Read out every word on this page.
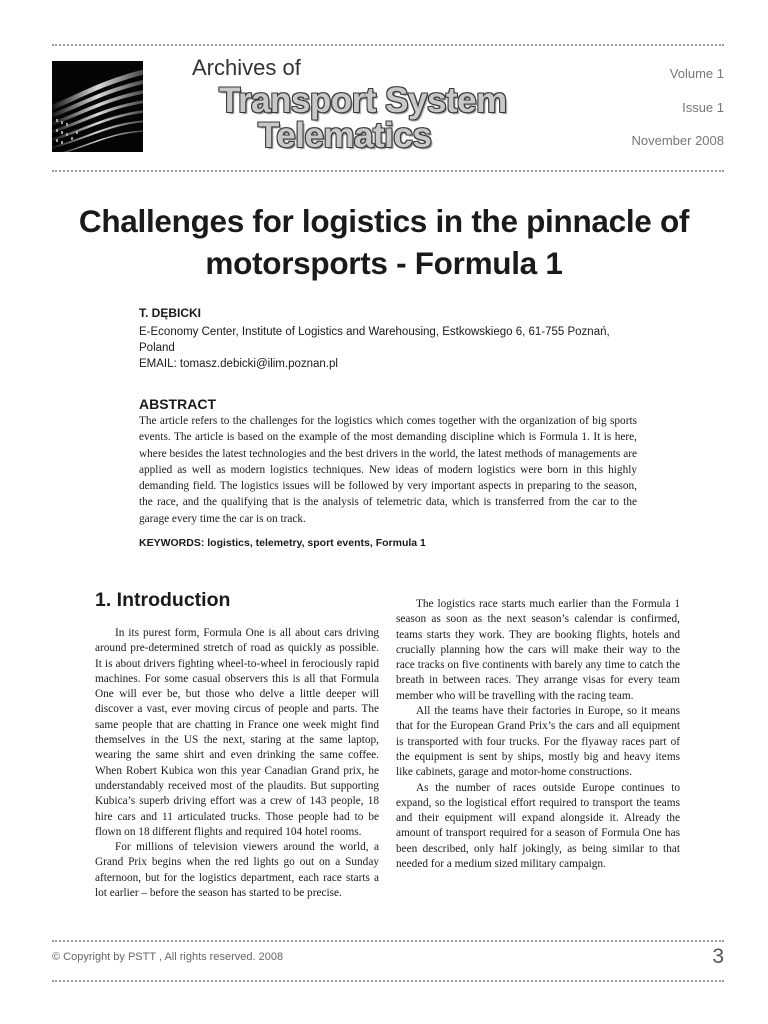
Archives of
Transport System
Telematics
Volume 1
Issue 1
November 2008
Challenges for logistics in the pinnacle of motorsports - Formula 1
T. DĘBICKI
E-Economy Center, Institute of Logistics and Warehousing, Estkowskiego 6, 61-755 Poznań,
Poland
EMAIL: tomasz.debicki@ilim.poznan.pl
ABSTRACT
The article refers to the challenges for the logistics which comes together with the organization of big sports events. The article is based on the example of the most demanding discipline which is Formula 1. It is here, where besides the latest technologies and the best drivers in the world, the latest methods of managements are applied as well as modern logistics techniques. New ideas of modern logistics were born in this highly demanding field. The logistics issues will be followed by very important aspects in preparing to the season, the race, and the qualifying that is the analysis of telemetric data, which is transferred from the car to the garage every time the car is on track.
KEYWORDS: logistics, telemetry, sport events, Formula 1
1. Introduction

In its purest form, Formula One is all about cars driving around pre-determined stretch of road as quickly as possible. It is about drivers fighting wheel-to-wheel in ferociously rapid machines. For some casual observers this is all that Formula One will ever be, but those who delve a little deeper will discover a vast, ever moving circus of people and parts. The same people that are chatting in France one week might find themselves in the US the next, staring at the same laptop, wearing the same shirt and even drinking the same coffee. When Robert Kubica won this year Canadian Grand prix, he understandably received most of the plaudits. But supporting Kubica’s superb driving effort was a crew of 143 people, 18 hire cars and 11 articulated trucks. Those people had to be flown on 18 different flights and required 104 hotel rooms.

For millions of television viewers around the world, a Grand Prix begins when the red lights go out on a Sunday afternoon, but for the logistics department, each race starts a lot earlier – before the season has started to be precise.

The logistics race starts much earlier than the Formula 1 season as soon as the next season’s calendar is confirmed, teams starts they work. They are booking flights, hotels and crucially planning how the cars will make their way to the race tracks on five continents with barely any time to catch the breath in between races. They arrange visas for every team member who will be travelling with the racing team.

All the teams have their factories in Europe, so it means that for the European Grand Prix’s the cars and all equipment is transported with four trucks. For the flyaway races part of the equipment is sent by ships, mostly big and heavy items like cabinets, garage and motor-home constructions.

As the number of races outside Europe continues to expand, so the logistical effort required to transport the teams and their equipment will expand alongside it. Already the amount of transport required for a season of Formula One has been described, only half jokingly, as being similar to that needed for a medium sized military campaign.

© Copyright by PSTT , All rights reserved. 2008	3
